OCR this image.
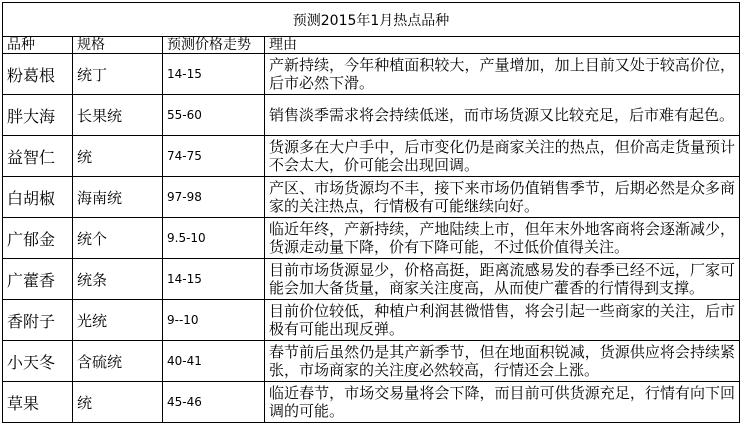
预测2015年1月热点品种			
品种	规格	预测价格走势	理由
粉葛根	统丁	14-15	产新持续，今年种植面积较大，产量增加，加上目前又处于较高价位，后市必然下滑。
胖大海	长果统	55-60	销售淡季需求将会持续低迷，而市场货源又比较充足，后市难有起色。
益智仁	统	74-75	货源多在大户手中，后市变化仍是商家关注的热点，但价高走货量预计不会太大，价可能会出现回调。
白胡椒	海南统	97-98	产区、市场货源均不丰，接下来市场仍值销售季节，后期必然是众多商家的关注热点，行情极有可能继续向好。
广郁金	统个	9.5-10	临近年终，产新持续，产地陆续上市，但年末外地客商将会逐渐减少，货源走动量下降，价有下降可能，不过低价值得关注。
广藿香	统条	14-15	目前市场货源显少，价格高挺，距离流感易发的春季已经不远，厂家可能会加大备货量，商家关注度高，从而使广藿香的行情得到支撑。
香附子	光统	9--10	目前价位较低，种植户利润甚微惜售，将会引起一些商家的关注，后市极有可能出现反弹。
小天冬	含硫统	40-41	春节前后虽然仍是其产新季节，但在地面积锐减，货源供应将会持续紧张，市场商家的关注度必然较高，行情还会上涨。
草果	统	45-46	临近春节，市场交易量将会下降，而目前可供货源充足，行情有向下回调的可能。
